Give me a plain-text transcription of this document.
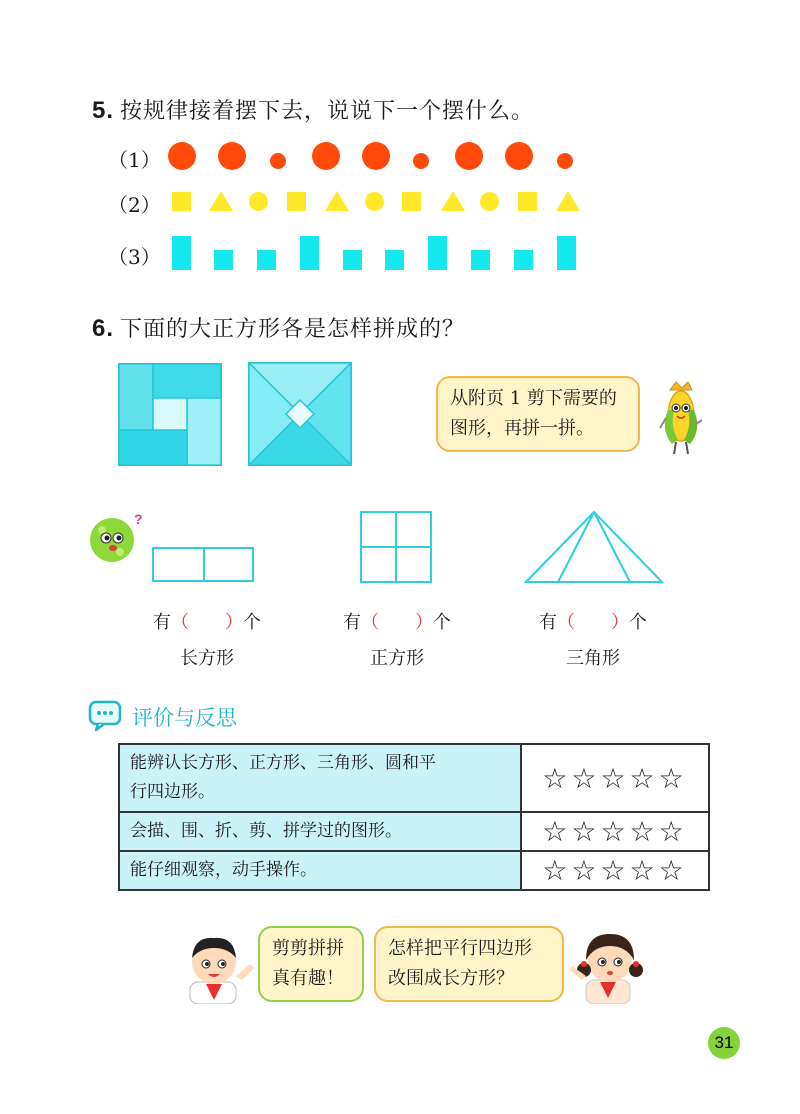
5. 按规律接着摆下去，说说下一个摆什么。
（1）
（2）
（3）
6. 下面的大正方形各是怎样拼成的？
从附页 1 剪下需要的
图形，再拼一拼。
?
有（　　）个
长方形
有（　　）个
正方形
有（　　）个
三角形
评价与反思
能辨认长方形、正方形、三角形、圆和平
行四边形。	☆☆☆☆☆

会描、围、折、剪、拼学过的图形。	☆☆☆☆☆

能仔细观察，动手操作。	☆☆☆☆☆
剪剪拼拼
真有趣！
怎样把平行四边形
改围成长方形？
31
